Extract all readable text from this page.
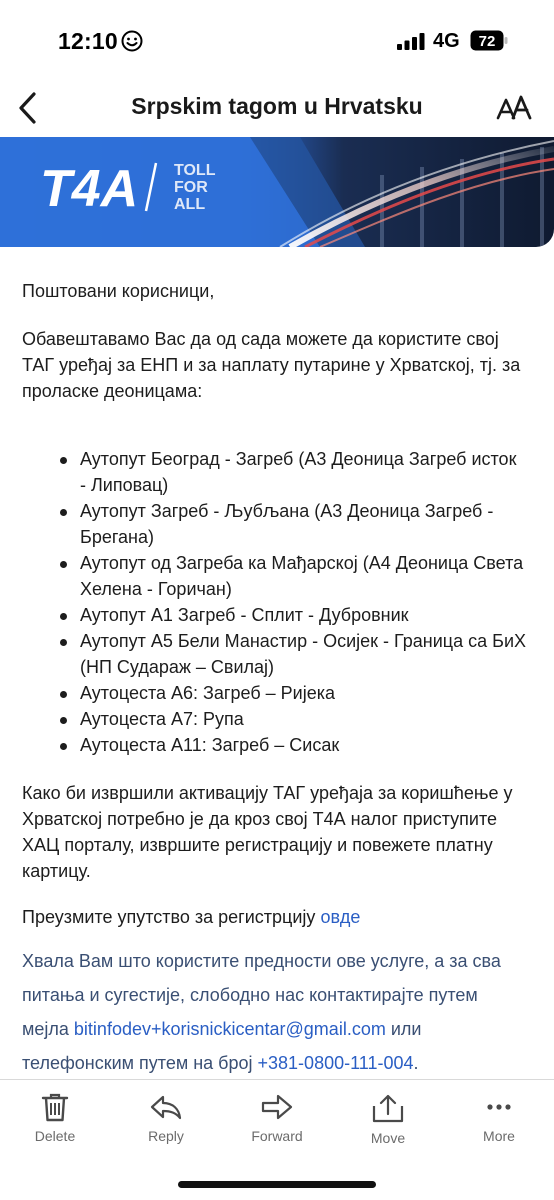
12:10	4G 72
Srpskim tagom u Hrvatsku
T4A TOLL
FOR
ALL

Поштовани корисници,

Обавештавамо Вас да од сада можете да користите свој ТАГ уређај за ЕНП и за наплату путарине у Хрватској, тј. за проласке деоницама:

Аутопут Београд - Загреб (А3 Деоница Загреб исток - Липовац)
Аутопут Загреб - Љубљана (А3 Деоница Загреб - Брегана)
Аутопут од Загреба ка Мађарској (А4 Деоница Света Хелена - Горичан)
Аутопут А1 Загреб - Сплит - Дубровник
Аутопут А5 Бели Манастир - Осијек - Граница са БиХ (НП Судараж – Свилај)
Аутоцеста А6: Загреб – Ријека
Аутоцеста А7: Рупа
Аутоцеста А11: Загреб – Сисак

Како би извршили активацију ТАГ уређаја за коришћење у Хрватској потребно је да кроз свој Т4А налог приступите ХАЦ порталу, извршите регистрацију и повежете платну картицу.

Преузмите упутство за регистрцију овде

Хвала Вам што користите предности ове услуге, а за сва питања и сугестије, слободно нас контактирајте путем мејла bitinfodev+korisnickicentar@gmail.com или телефонским путем на број +381-0800-111-004.

Delete	Reply	Forward	Move	More
